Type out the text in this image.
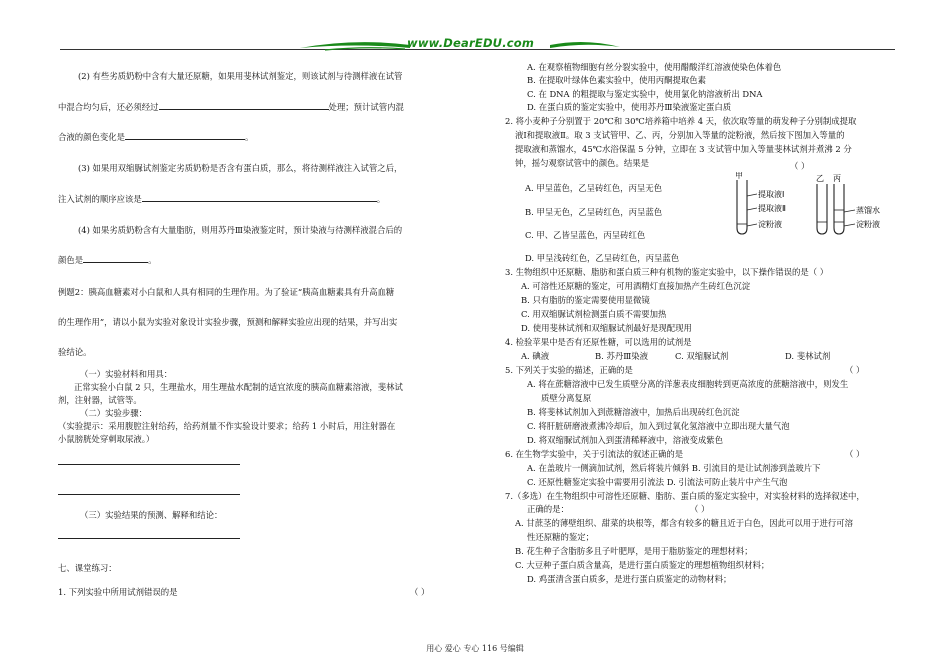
www.DearEDU.com
(2) 有些劣质奶粉中含有大量还原糖，如果用斐林试剂鉴定，则该试剂与待测样液在试管
中混合均匀后，还必须经过	处理；预计试管内混
合液的颜色变化是	。
(3) 如果用双缩脲试剂鉴定劣质奶粉是否含有蛋白质，那么，将待测样液注入试管之后，
注入试剂的顺序应该是	。
(4) 如果劣质奶粉含有大量脂肪，则用苏丹Ⅲ染液鉴定时，预计染液与待测样液混合后的
颜色是	。
例题2：胰高血糖素对小白鼠和人具有相同的生理作用。为了验证“胰高血糖素具有升高血糖
的生理作用”，请以小鼠为实验对象设计实验步骤，预测和解释实验应出现的结果，并写出实
验结论。
（一）实验材料和用具：
正常实验小白鼠 2 只，生理盐水，用生理盐水配制的适宜浓度的胰高血糖素溶液，斐林试
剂，注射器，试管等。
（二）实验步骤：
（实验提示：采用腹腔注射给药，给药剂量不作实验设计要求；给药 1 小时后，用注射器在
小鼠膀胱处穿刺取尿液。）
（三）实验结果的预测、解释和结论：
七、课堂练习：
1. 下列实验中所用试剂错误的是	（ ）
A. 在观察植物细胞有丝分裂实验中，使用醋酸洋红溶液使染色体着色
B. 在提取叶绿体色素实验中，使用丙酮提取色素
C. 在 DNA 的粗提取与鉴定实验中，使用氯化钠溶液析出 DNA
D. 在蛋白质的鉴定实验中，使用苏丹Ⅲ染液鉴定蛋白质
2. 将小麦种子分别置于 20℃和 30℃培养箱中培养 4 天，依次取等量的萌发种子分别制成提取
液Ⅰ和提取液Ⅱ。取 3 支试管甲、乙、丙，分别加入等量的淀粉液，然后按下图加入等量的
提取液和蒸馏水，45℃水浴保温 5 分钟，立即在 3 支试管中加入等量斐林试剂并煮沸 2 分
钟，摇匀观察试管中的颜色。结果是	（ ）
A. 甲呈蓝色，乙呈砖红色，丙呈无色
B. 甲呈无色，乙呈砖红色，丙呈蓝色
C. 甲、乙皆呈蓝色，丙呈砖红色
D. 甲呈浅砖红色，乙呈砖红色，丙呈蓝色
3. 生物组织中还原糖、脂肪和蛋白质三种有机物的鉴定实验中，以下操作错误的是（ ）
A. 可溶性还原糖的鉴定，可用酒精灯直接加热产生砖红色沉淀
B. 只有脂肪的鉴定需要使用显微镜
C. 用双缩脲试剂检测蛋白质不需要加热
D. 使用斐林试剂和双缩脲试剂最好是现配现用
4. 检验苹果中是否有还原性糖，可以选用的试剂是
A. 碘液	B. 苏丹Ⅲ染液	C. 双缩脲试剂	D. 斐林试剂
5. 下列关于实验的描述，正确的是	（ ）
A. 将在蔗糖溶液中已发生质壁分离的洋葱表皮细胞转到更高浓度的蔗糖溶液中，则发生
质壁分离复原
B. 将斐林试剂加入到蔗糖溶液中，加热后出现砖红色沉淀
C. 将肝脏研磨液煮沸冷却后，加入到过氧化氢溶液中立即出现大量气泡
D. 将双缩脲试剂加入到蛋清稀释液中，溶液变成紫色
6. 在生物学实验中，关于引流法的叙述正确的是	（ ）
A. 在盖玻片一侧滴加试剂，然后将装片倾斜 B. 引流目的是让试剂渗到盖玻片下
C. 还原性糖鉴定实验中需要用引流法 D. 引流法可防止装片中产生气泡
7.（多选）在生物组织中可溶性还原糖、脂肪、蛋白质的鉴定实验中，对实验材料的选择叙述中，
正确的是：	（ ）
A. 甘蔗茎的薄壁组织、甜菜的块根等，都含有较多的糖且近于白色，因此可以用于进行可溶
性还原糖的鉴定；
B. 花生种子含脂肪多且子叶肥厚，是用于脂肪鉴定的理想材料；
C. 大豆种子蛋白质含量高，是进行蛋白质鉴定的理想植物组织材料；
D. 鸡蛋清含蛋白质多，是进行蛋白质鉴定的动物材料；
甲	乙 丙
提取液Ⅰ
提取液Ⅱ
淀粉液
蒸馏水
淀粉液
用心 爱心 专心 116 号编辑
